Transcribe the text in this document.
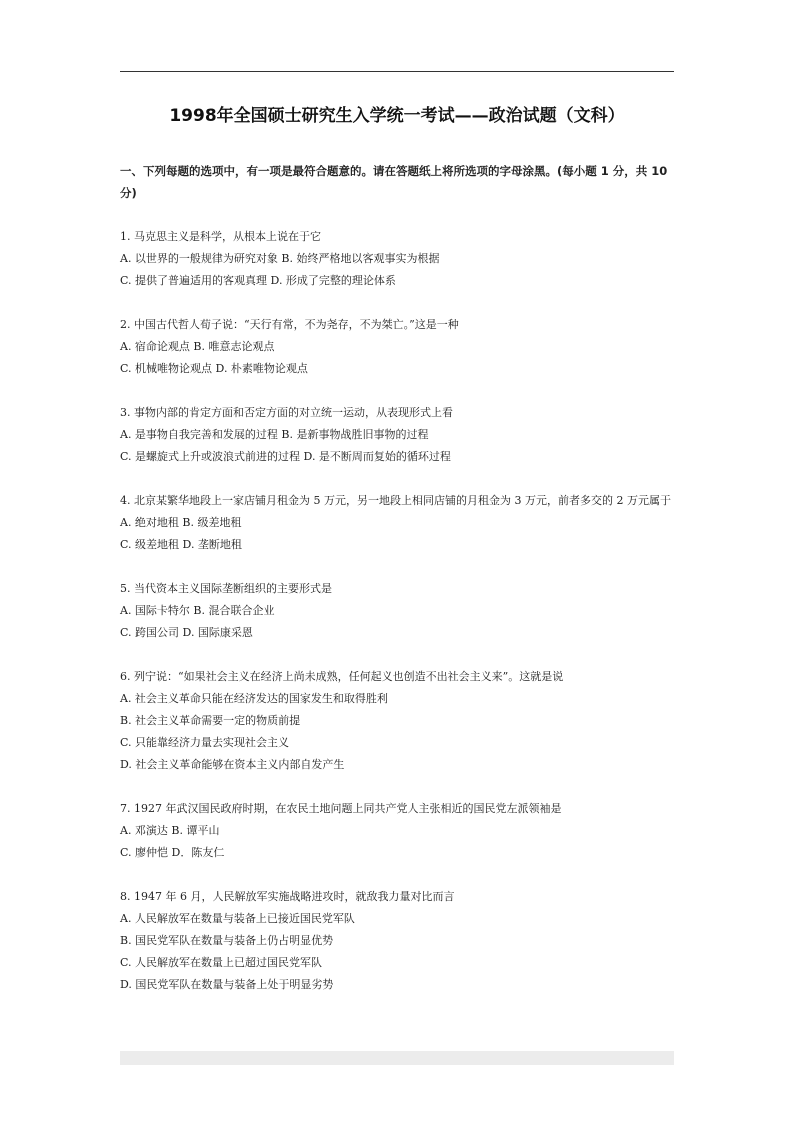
1998年全国硕士研究生入学统一考试——政治试题（文科）

一、下列每题的选项中，有一项是最符合题意的。请在答题纸上将所选项的字母涂黑。(每小题 1 分，共 10 分)

1. 马克思主义是科学，从根本上说在于它
A. 以世界的一般规律为研究对象 B. 始终严格地以客观事实为根据
C. 提供了普遍适用的客观真理 D. 形成了完整的理论体系
2. 中国古代哲人荀子说：“天行有常，不为尧存，不为桀亡。”这是一种
A. 宿命论观点 B. 唯意志论观点
C. 机械唯物论观点 D. 朴素唯物论观点
3. 事物内部的肯定方面和否定方面的对立统一运动，从表现形式上看
A. 是事物自我完善和发展的过程 B. 是新事物战胜旧事物的过程
C. 是螺旋式上升或波浪式前进的过程 D. 是不断周而复始的循环过程
4. 北京某繁华地段上一家店铺月租金为 5 万元，另一地段上相同店铺的月租金为 3 万元，前者多交的 2 万元属于
A. 绝对地租 B. 级差地租
C. 级差地租 D. 垄断地租
5. 当代资本主义国际垄断组织的主要形式是
A. 国际卡特尔 B. 混合联合企业
C. 跨国公司 D. 国际康采恩
6. 列宁说：“如果社会主义在经济上尚未成熟，任何起义也创造不出社会主义来”。这就是说
A. 社会主义革命只能在经济发达的国家发生和取得胜利
B. 社会主义革命需要一定的物质前提
C. 只能靠经济力量去实现社会主义
D. 社会主义革命能够在资本主义内部自发产生
7. 1927 年武汉国民政府时期，在农民土地问题上同共产党人主张相近的国民党左派领袖是
A. 邓演达 B. 谭平山
C. 廖仲恺 D．陈友仁
8. 1947 年 6 月，人民解放军实施战略进攻时，就敌我力量对比而言
A. 人民解放军在数量与装备上已接近国民党军队
B. 国民党军队在数量与装备上仍占明显优势
C. 人民解放军在数量上已超过国民党军队
D. 国民党军队在数量与装备上处于明显劣势
